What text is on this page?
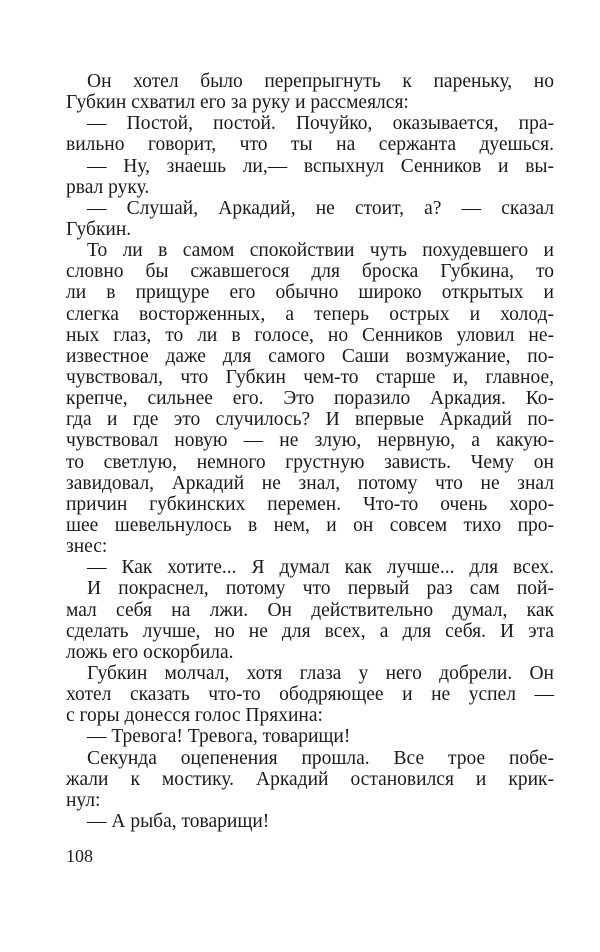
Он хотел было перепрыгнуть к пареньку, но
Губкин схватил его за руку и рассмеялся:
— Постой, постой. Почуйко, оказывается, пра-
вильно говорит, что ты на сержанта дуешься.
— Ну, знаешь ли,— вспыхнул Сенников и вы-
рвал руку.
— Слушай, Аркадий, не стоит, а? — сказал
Губкин.
То ли в самом спокойствии чуть похудевшего и
словно бы сжавшегося для броска Губкина, то
ли в прищуре его обычно широко открытых и
слегка восторженных, а теперь острых и холод-
ных глаз, то ли в голосе, но Сенников уловил не-
известное даже для самого Саши возмужание, по-
чувствовал, что Губкин чем-то старше и, главное,
крепче, сильнее его. Это поразило Аркадия. Ко-
гда и где это случилось? И впервые Аркадий по-
чувствовал новую — не злую, нервную, а какую-
то светлую, немного грустную зависть. Чему он
завидовал, Аркадий не знал, потому что не знал
причин губкинских перемен. Что-то очень хоро-
шее шевельнулось в нем, и он совсем тихо про-
знес:
— Как хотите... Я думал как лучше... для всех.
И покраснел, потому что первый раз сам пой-
мал себя на лжи. Он действительно думал, как
сделать лучше, но не для всех, а для себя. И эта
ложь его оскорбила.
Губкин молчал, хотя глаза у него добрели. Он
хотел сказать что-то ободряющее и не успел —
с горы донесся голос Пряхина:
— Тревога! Тревога, товарищи!
Секунда оцепенения прошла. Все трое побе-
жали к мостику. Аркадий остановился и крик-
нул:
— А рыба, товарищи!
108
